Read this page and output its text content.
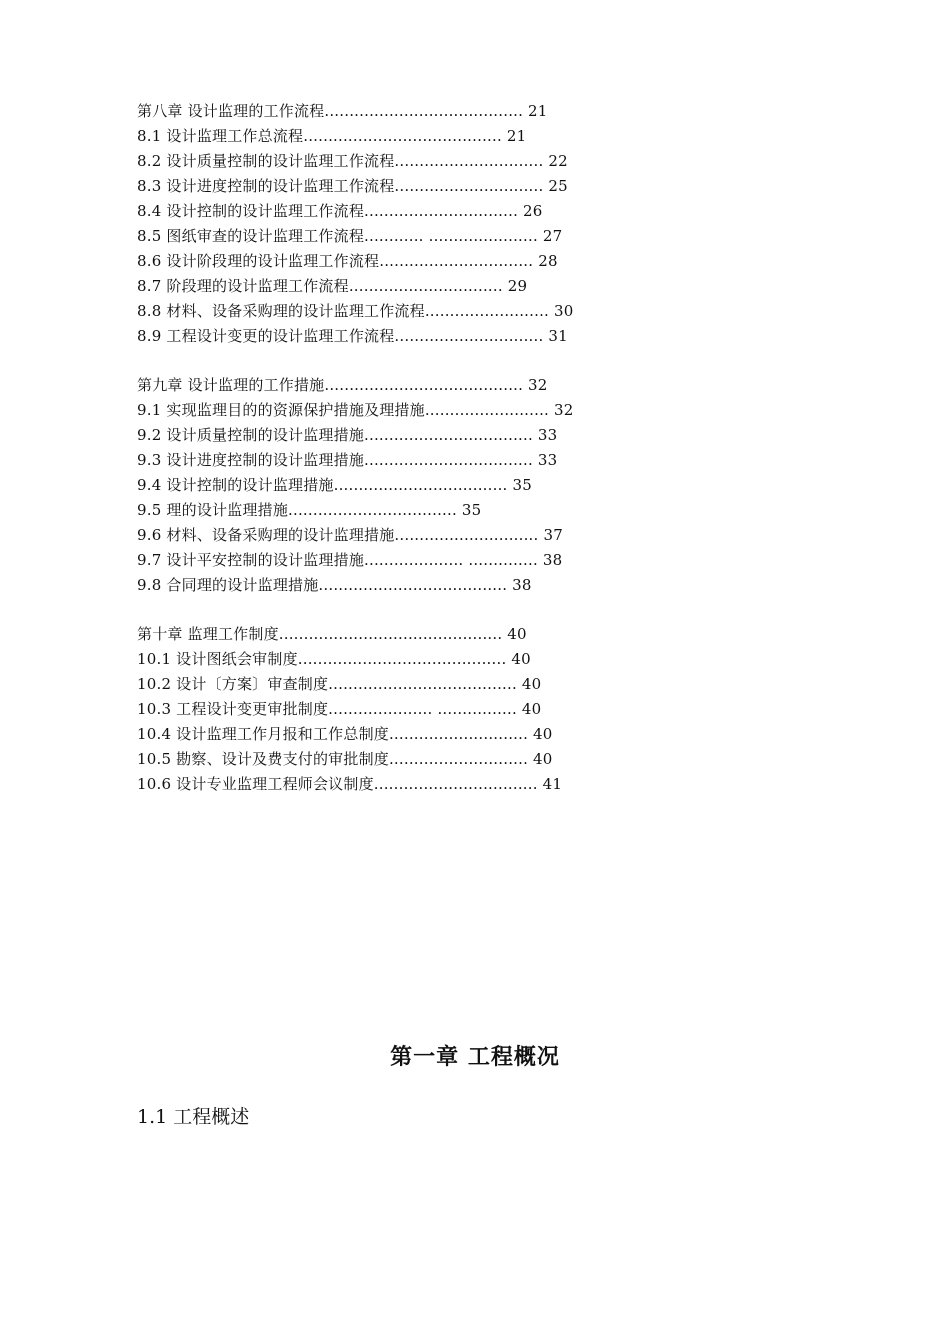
第八章 设计监理的工作流程........................................ 21
8.1 设计监理工作总流程........................................ 21
8.2 设计质量控制的设计监理工作流程.............................. 22
8.3 设计进度控制的设计监理工作流程.............................. 25
8.4 设计控制的设计监理工作流程............................... 26
8.5 图纸审查的设计监理工作流程............ ...................... 27
8.6 设计阶段理的设计监理工作流程............................... 28
8.7 阶段理的设计监理工作流程............................... 29
8.8 材料、设备采购理的设计监理工作流程......................... 30
8.9 工程设计变更的设计监理工作流程.............................. 31
第九章 设计监理的工作措施........................................ 32
9.1 实现监理目的的资源保护措施及理措施......................... 32
9.2 设计质量控制的设计监理措施.................................. 33
9.3 设计进度控制的设计监理措施.................................. 33
9.4 设计控制的设计监理措施................................... 35
9.5 理的设计监理措施.................................. 35
9.6 材料、设备采购理的设计监理措施............................. 37
9.7 设计平安控制的设计监理措施.................... .............. 38
9.8 合同理的设计监理措施...................................... 38
第十章 监理工作制度............................................. 40
10.1 设计图纸会审制度.......................................... 40
10.2 设计〔方案〕审查制度...................................... 40
10.3 工程设计变更审批制度..................... ................ 40
10.4 设计监理工作月报和工作总制度............................ 40
10.5 勘察、设计及费支付的审批制度............................ 40
10.6 设计专业监理工程师会议制度................................. 41
第一章 工程概况
1.1 工程概述
